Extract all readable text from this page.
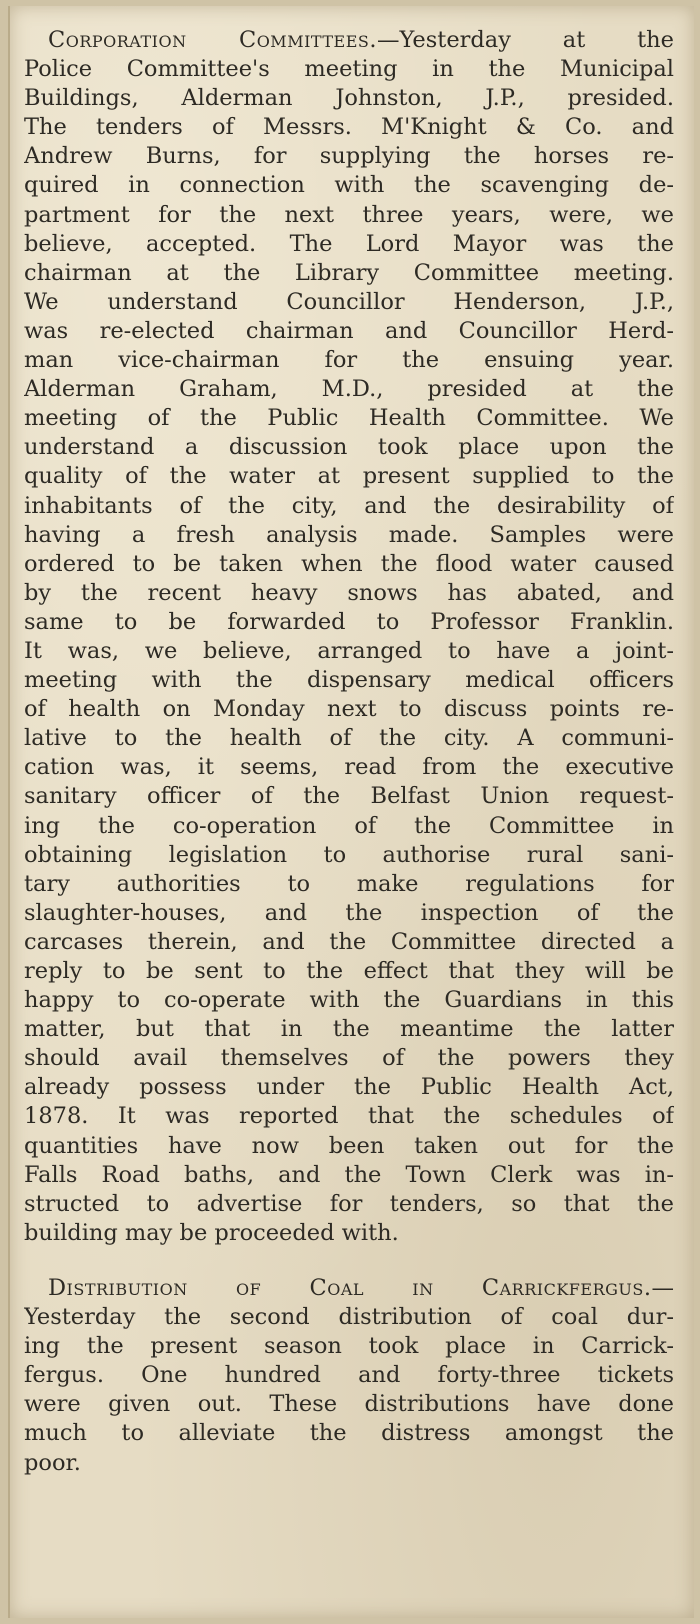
Corporation Committees.—Yesterday at the
Police Committee's meeting in the Municipal
Buildings, Alderman Johnston, J.P., presided.
The tenders of Messrs. M'Knight & Co. and
Andrew Burns, for supplying the horses re-
quired in connection with the scavenging de-
partment for the next three years, were, we
believe, accepted. The Lord Mayor was the
chairman at the Library Committee meeting.
We understand Councillor Henderson, J.P.,
was re-elected chairman and Councillor Herd-
man vice-chairman for the ensuing year.
Alderman Graham, M.D., presided at the
meeting of the Public Health Committee. We
understand a discussion took place upon the
quality of the water at present supplied to the
inhabitants of the city, and the desirability of
having a fresh analysis made. Samples were
ordered to be taken when the flood water caused
by the recent heavy snows has abated, and
same to be forwarded to Professor Franklin.
It was, we believe, arranged to have a joint-
meeting with the dispensary medical officers
of health on Monday next to discuss points re-
lative to the health of the city. A communi-
cation was, it seems, read from the executive
sanitary officer of the Belfast Union request-
ing the co-operation of the Committee in
obtaining legislation to authorise rural sani-
tary authorities to make regulations for
slaughter-houses, and the inspection of the
carcases therein, and the Committee directed a
reply to be sent to the effect that they will be
happy to co-operate with the Guardians in this
matter, but that in the meantime the latter
should avail themselves of the powers they
already possess under the Public Health Act,
1878. It was reported that the schedules of
quantities have now been taken out for the
Falls Road baths, and the Town Clerk was in-
structed to advertise for tenders, so that the
building may be proceeded with.
Distribution of Coal in Carrickfergus.—
Yesterday the second distribution of coal dur-
ing the present season took place in Carrick-
fergus. One hundred and forty-three tickets
were given out. These distributions have done
much to alleviate the distress amongst the
poor.
